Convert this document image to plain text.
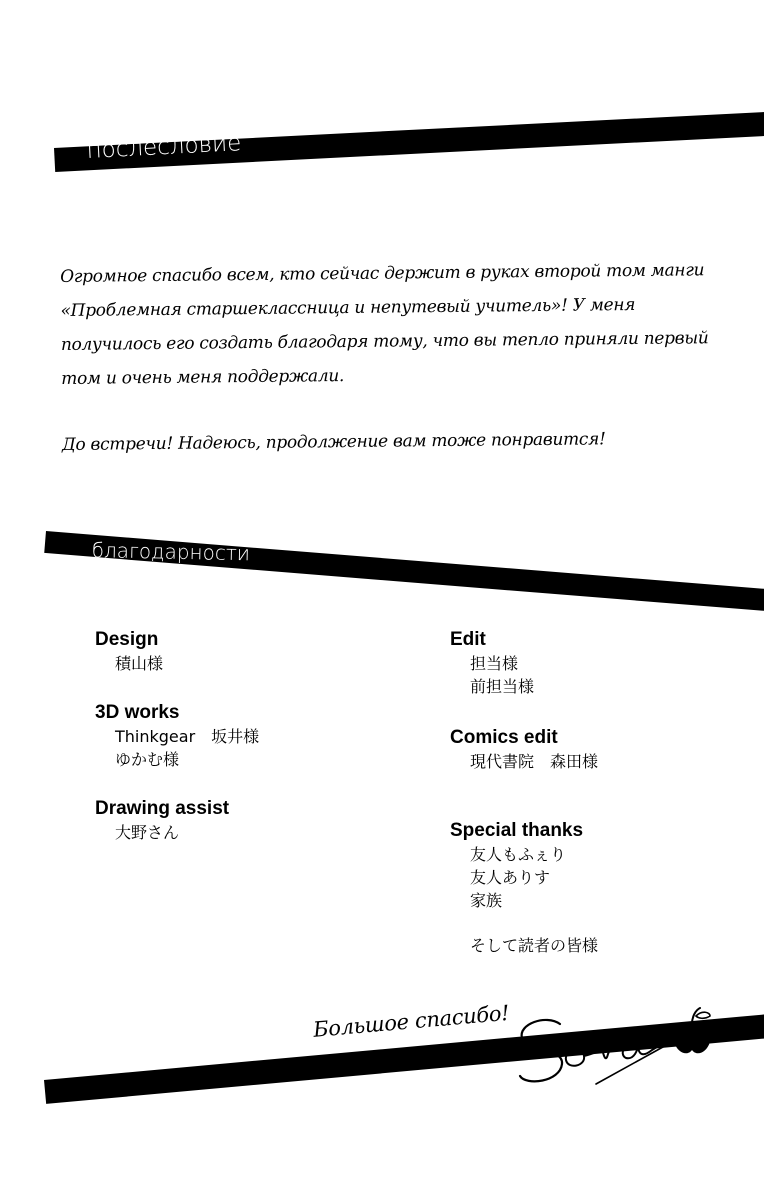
послесловие

Огромное спасибо всем, кто сейчас держит в руках второй том манги «Проблемная старшеклассница и непутевый учитель»! У меня получилось его создать благодаря тому, что вы тепло приняли первый том и очень меня поддержали.

До встречи! Надеюсь, продолжение вам тоже понравится!

благодарности
Design
積山様
3D works
Thinkgear　坂井様
ゆかむ様
Drawing assist
大野さん
Edit
担当様
前担当様
Comics edit
現代書院　森田様
Special thanks
友人もふぇり
友人ありす
家族
そして読者の皆様
Большое спасибо!
